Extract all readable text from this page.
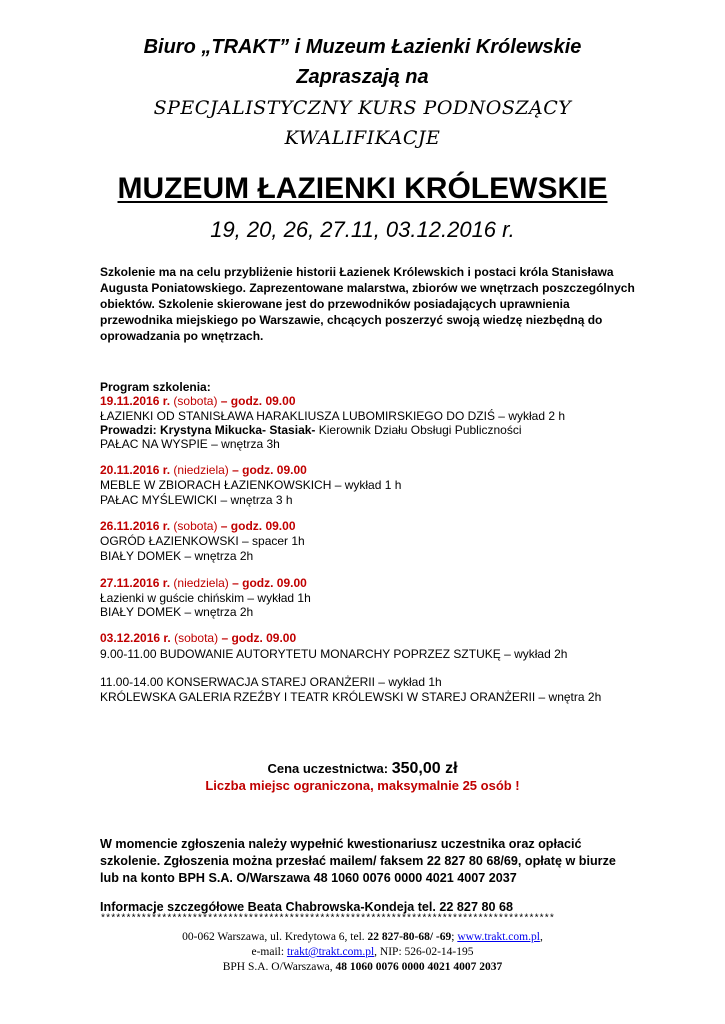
Biuro „TRAKT” i Muzeum Łazienki Królewskie
Zapraszają na
SPECJALISTYCZNY KURS PODNOSZĄCY
KWALIFIKACJE
MUZEUM ŁAZIENKI KRÓLEWSKIE
19, 20, 26, 27.11, 03.12.2016 r.
Szkolenie ma na celu przybliżenie historii Łazienek Królewskich i postaci króla Stanisława Augusta Poniatowskiego. Zaprezentowane malarstwa, zbiorów we wnętrzach poszczególnych obiektów. Szkolenie skierowane jest do przewodników posiadających uprawnienia przewodnika miejskiego po Warszawie, chcących poszerzyć swoją wiedzę niezbędną do oprowadzania po wnętrzach.
Program szkolenia:
19.11.2016 r. (sobota) – godz. 09.00
ŁAZIENKI OD STANISŁAWA HARAKLIUSZA LUBOMIRSKIEGO DO DZIŚ – wykład 2 h
Prowadzi: Krystyna Mikucka- Stasiak- Kierownik Działu Obsługi Publiczności
PAŁAC NA WYSPIE – wnętrza 3h
20.11.2016 r. (niedziela) – godz. 09.00
MEBLE W ZBIORACH ŁAZIENKOWSKICH – wykład 1 h
PAŁAC MYŚLEWICKI – wnętrza 3 h
26.11.2016 r. (sobota) – godz. 09.00
OGRÓD ŁAZIENKOWSKI – spacer 1h
BIAŁY DOMEK – wnętrza 2h
27.11.2016 r. (niedziela) – godz. 09.00
Łazienki w guście chińskim – wykład 1h
BIAŁY DOMEK – wnętrza 2h
03.12.2016 r. (sobota) – godz. 09.00
9.00-11.00 BUDOWANIE AUTORYTETU MONARCHY POPRZEZ SZTUKĘ – wykład 2h
11.00-14.00 KONSERWACJA STAREJ ORANŻERII – wykład 1h
KRÓLEWSKA GALERIA RZEŹBY I TEATR KRÓLEWSKI W STAREJ ORANŻERII – wnętra 2h
Cena uczestnictwa: 350,00 zł
Liczba miejsc ograniczona, maksymalnie 25 osób !
W momencie zgłoszenia należy wypełnić kwestionariusz uczestnika oraz opłacić szkolenie. Zgłoszenia można przesłać mailem/ faksem 22 827 80 68/69, opłatę w biurze lub na konto BPH S.A. O/Warszawa 48 1060 0076 0000 4021 4007 2037
Informacje szczegółowe Beata Chabrowska-Kondeja tel. 22 827 80 68
*****************************************************************************************
00-062 Warszawa, ul. Kredytowa 6, tel. 22 827-80-68/ -69; www.trakt.com.pl,
e-mail: trakt@trakt.com.pl, NIP: 526-02-14-195
BPH S.A. O/Warszawa, 48 1060 0076 0000 4021 4007 2037
